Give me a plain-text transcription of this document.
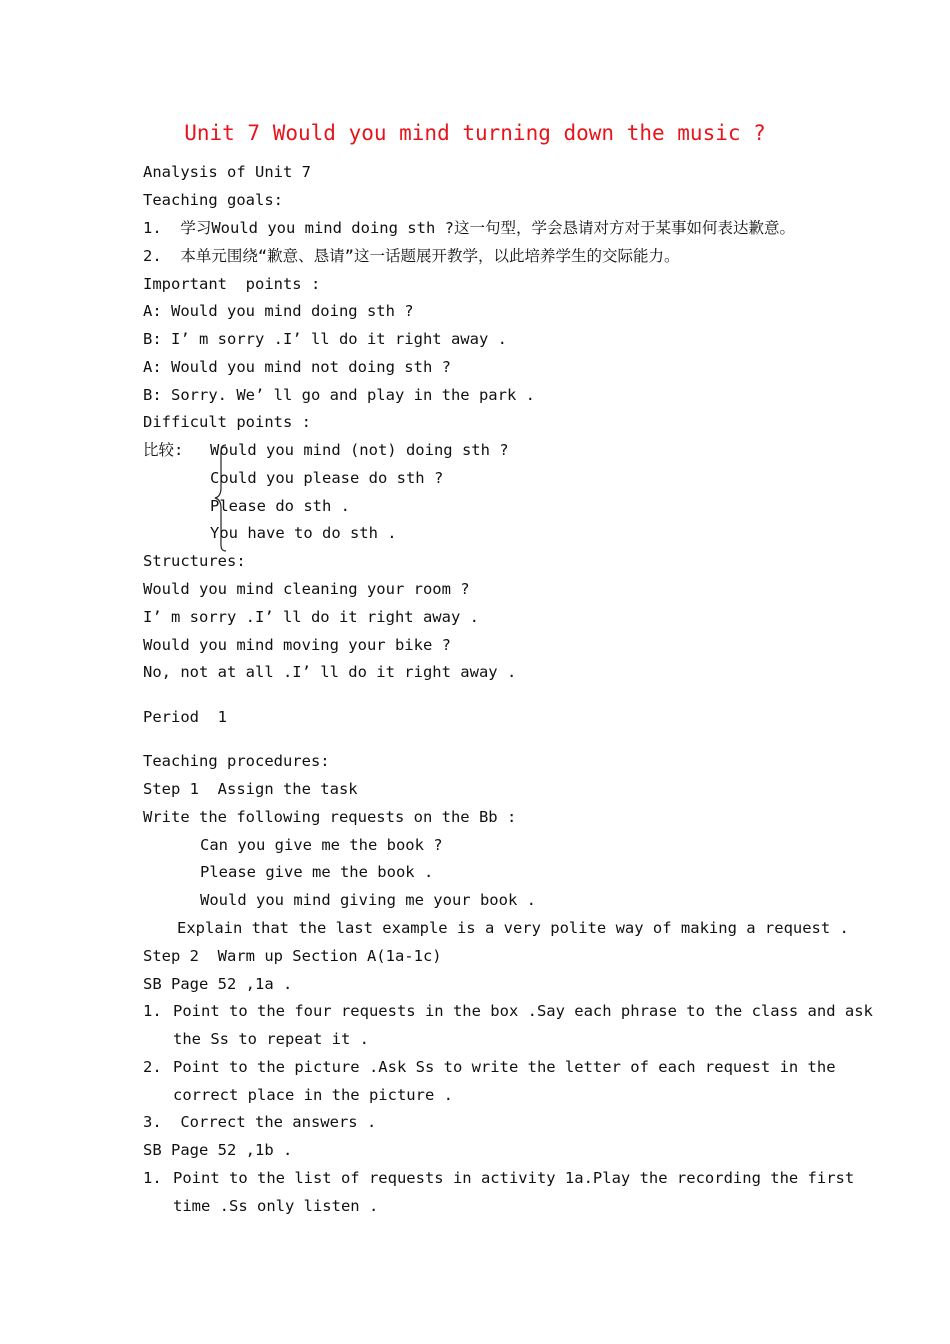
Unit 7 Would you mind turning down the music ?
Analysis of Unit 7
Teaching goals:
1.  学习Would you mind doing sth ?这一句型，学会恳请对方对于某事如何表达歉意。
2.  本单元围绕“歉意、恳请”这一话题展开教学，以此培养学生的交际能力。
Important  points :
A: Would you mind doing sth ?
B: I’ m sorry .I’ ll do it right away .
A: Would you mind not doing sth ?
B: Sorry. We’ ll go and play in the park .
Difficult points :
比较: Would you mind (not) doing sth ?
Could you please do sth ?
Please do sth .
You have to do sth .
Structures:
Would you mind cleaning your room ?
I’ m sorry .I’ ll do it right away .
Would you mind moving your bike ?
No, not at all .I’ ll do it right away .
Period  1
Teaching procedures:
Step 1  Assign the task
Write the following requests on the Bb :
Can you give me the book ?
Please give me the book .
Would you mind giving me your book .
Explain that the last example is a very polite way of making a request .
Step 2  Warm up Section A(1a-1c)
SB Page 52 ,1a .
1. Point to the four requests in the box .Say each phrase to the class and ask
the Ss to repeat it .
2. Point to the picture .Ask Ss to write the letter of each request in the
correct place in the picture .
3.  Correct the answers .
SB Page 52 ,1b .
1. Point to the list of requests in activity 1a.Play the recording the first
time .Ss only listen .
